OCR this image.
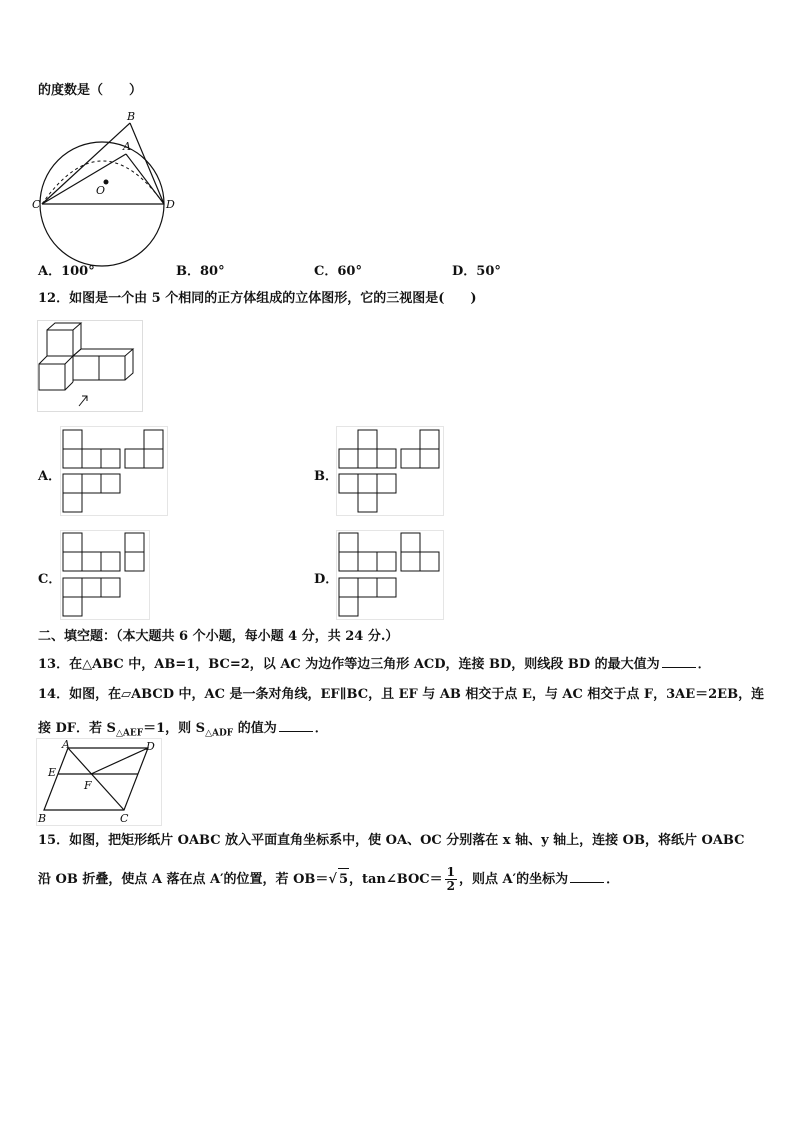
的度数是（　　）
B
A
O
C	D
A．100°	B．80°	C．60°	D．50°
12．如图是一个由 5 个相同的正方体组成的立体图形，它的三视图是(　　)
A．	B．
C．	D．
二、填空题：（本大题共 6 个小题，每小题 4 分，共 24 分.）
13．在△ABC 中，AB=1，BC=2，以 AC 为边作等边三角形 ACD，连接 BD，则线段 BD 的最大值为	．
14．如图，在▱ABCD 中，AC 是一条对角线，EF∥BC，且 EF 与 AB 相交于点 E，与 AC 相交于点 F，3AE＝2EB，连
接 DF．若 $S_{\triangle AEF}=1$，则 $S_{\triangle ADF}$ 的值为	．
A	D
E
F
B	C
15．如图，把矩形纸片 OABC 放入平面直角坐标系中，使 OA、OC 分别落在 x 轴、y 轴上，连接 OB，将纸片 OABC
沿 OB 折叠，使点 A 落在点 A′的位置，若 OB＝√ 5，tan∠BOC＝ $\frac{1}{2}$ ，则点 A′的坐标为	．
